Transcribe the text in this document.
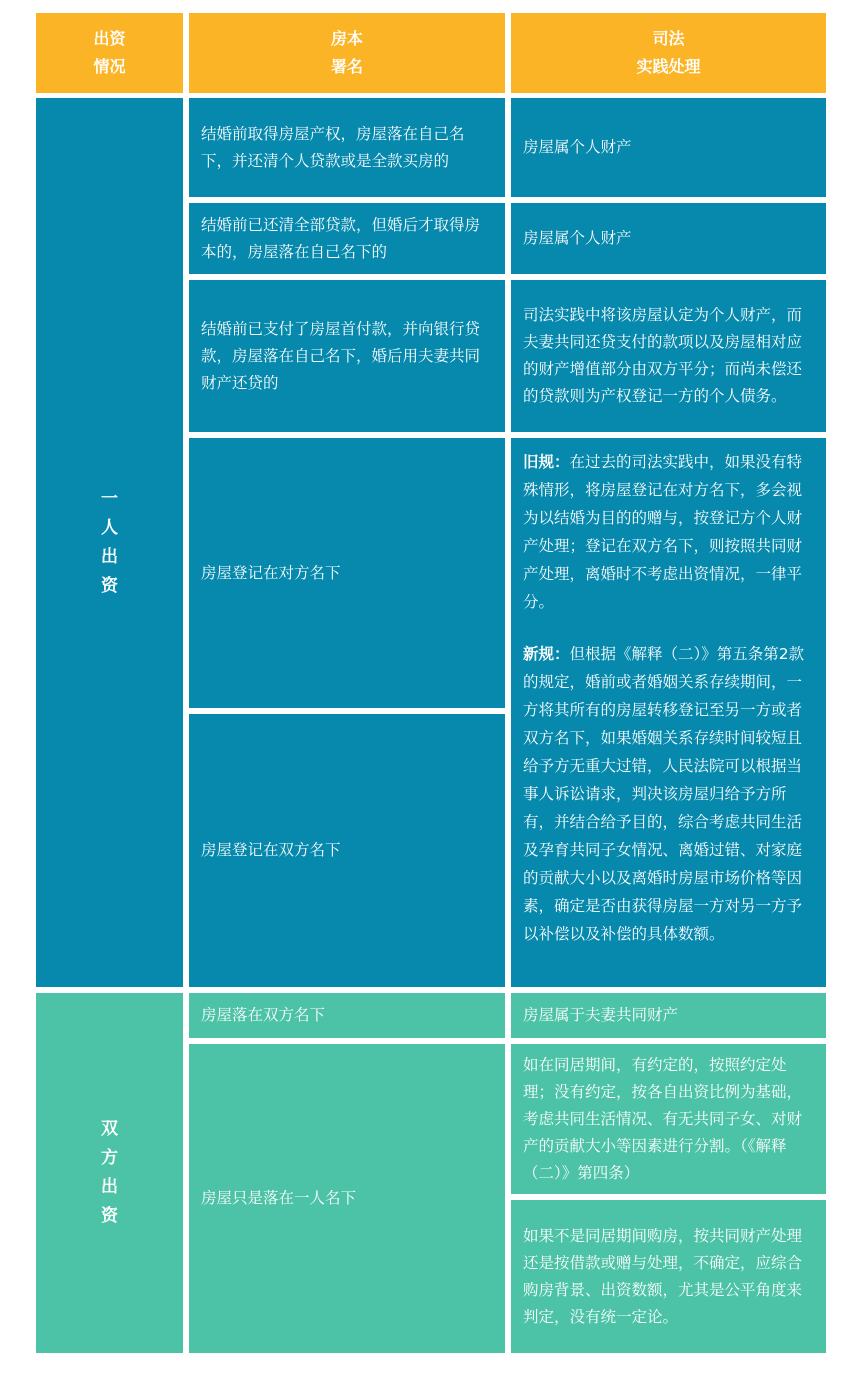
出资
情况
房本
署名
司法
实践处理
一人出资
结婚前取得房屋产权，房屋落在自己名下，并还清个人贷款或是全款买房的
房屋属个人财产
结婚前已还清全部贷款，但婚后才取得房本的，房屋落在自己名下的
房屋属个人财产
结婚前已支付了房屋首付款，并向银行贷款，房屋落在自己名下，婚后用夫妻共同财产还贷的
司法实践中将该房屋认定为个人财产，而夫妻共同还贷支付的款项以及房屋相对应的财产增值部分由双方平分；而尚未偿还的贷款则为产权登记一方的个人债务。
房屋登记在对方名下
房屋登记在双方名下

旧规：在过去的司法实践中，如果没有特殊情形，将房屋登记在对方名下，多会视为以结婚为目的的赠与，按登记方个人财产处理；登记在双方名下，则按照共同财产处理，离婚时不考虑出资情况，一律平分。

新规：但根据《解释（二）》第五条第2款的规定，婚前或者婚姻关系存续期间，一方将其所有的房屋转移登记至另一方或者双方名下，如果婚姻关系存续时间较短且给予方无重大过错，人民法院可以根据当事人诉讼请求，判决该房屋归给予方所有，并结合给予目的，综合考虑共同生活及孕育共同子女情况、离婚过错、对家庭的贡献大小以及离婚时房屋市场价格等因素，确定是否由获得房屋一方对另一方予以补偿以及补偿的具体数额。

双方出资
房屋落在双方名下	房屋属于夫妻共同财产
房屋只是落在一人名下
如在同居期间，有约定的，按照约定处理；没有约定，按各自出资比例为基础，考虑共同生活情况、有无共同子女、对财产的贡献大小等因素进行分割。（《解释（二）》第四条）
如果不是同居期间购房，按共同财产处理还是按借款或赠与处理，不确定，应综合购房背景、出资数额，尤其是公平角度来判定，没有统一定论。
